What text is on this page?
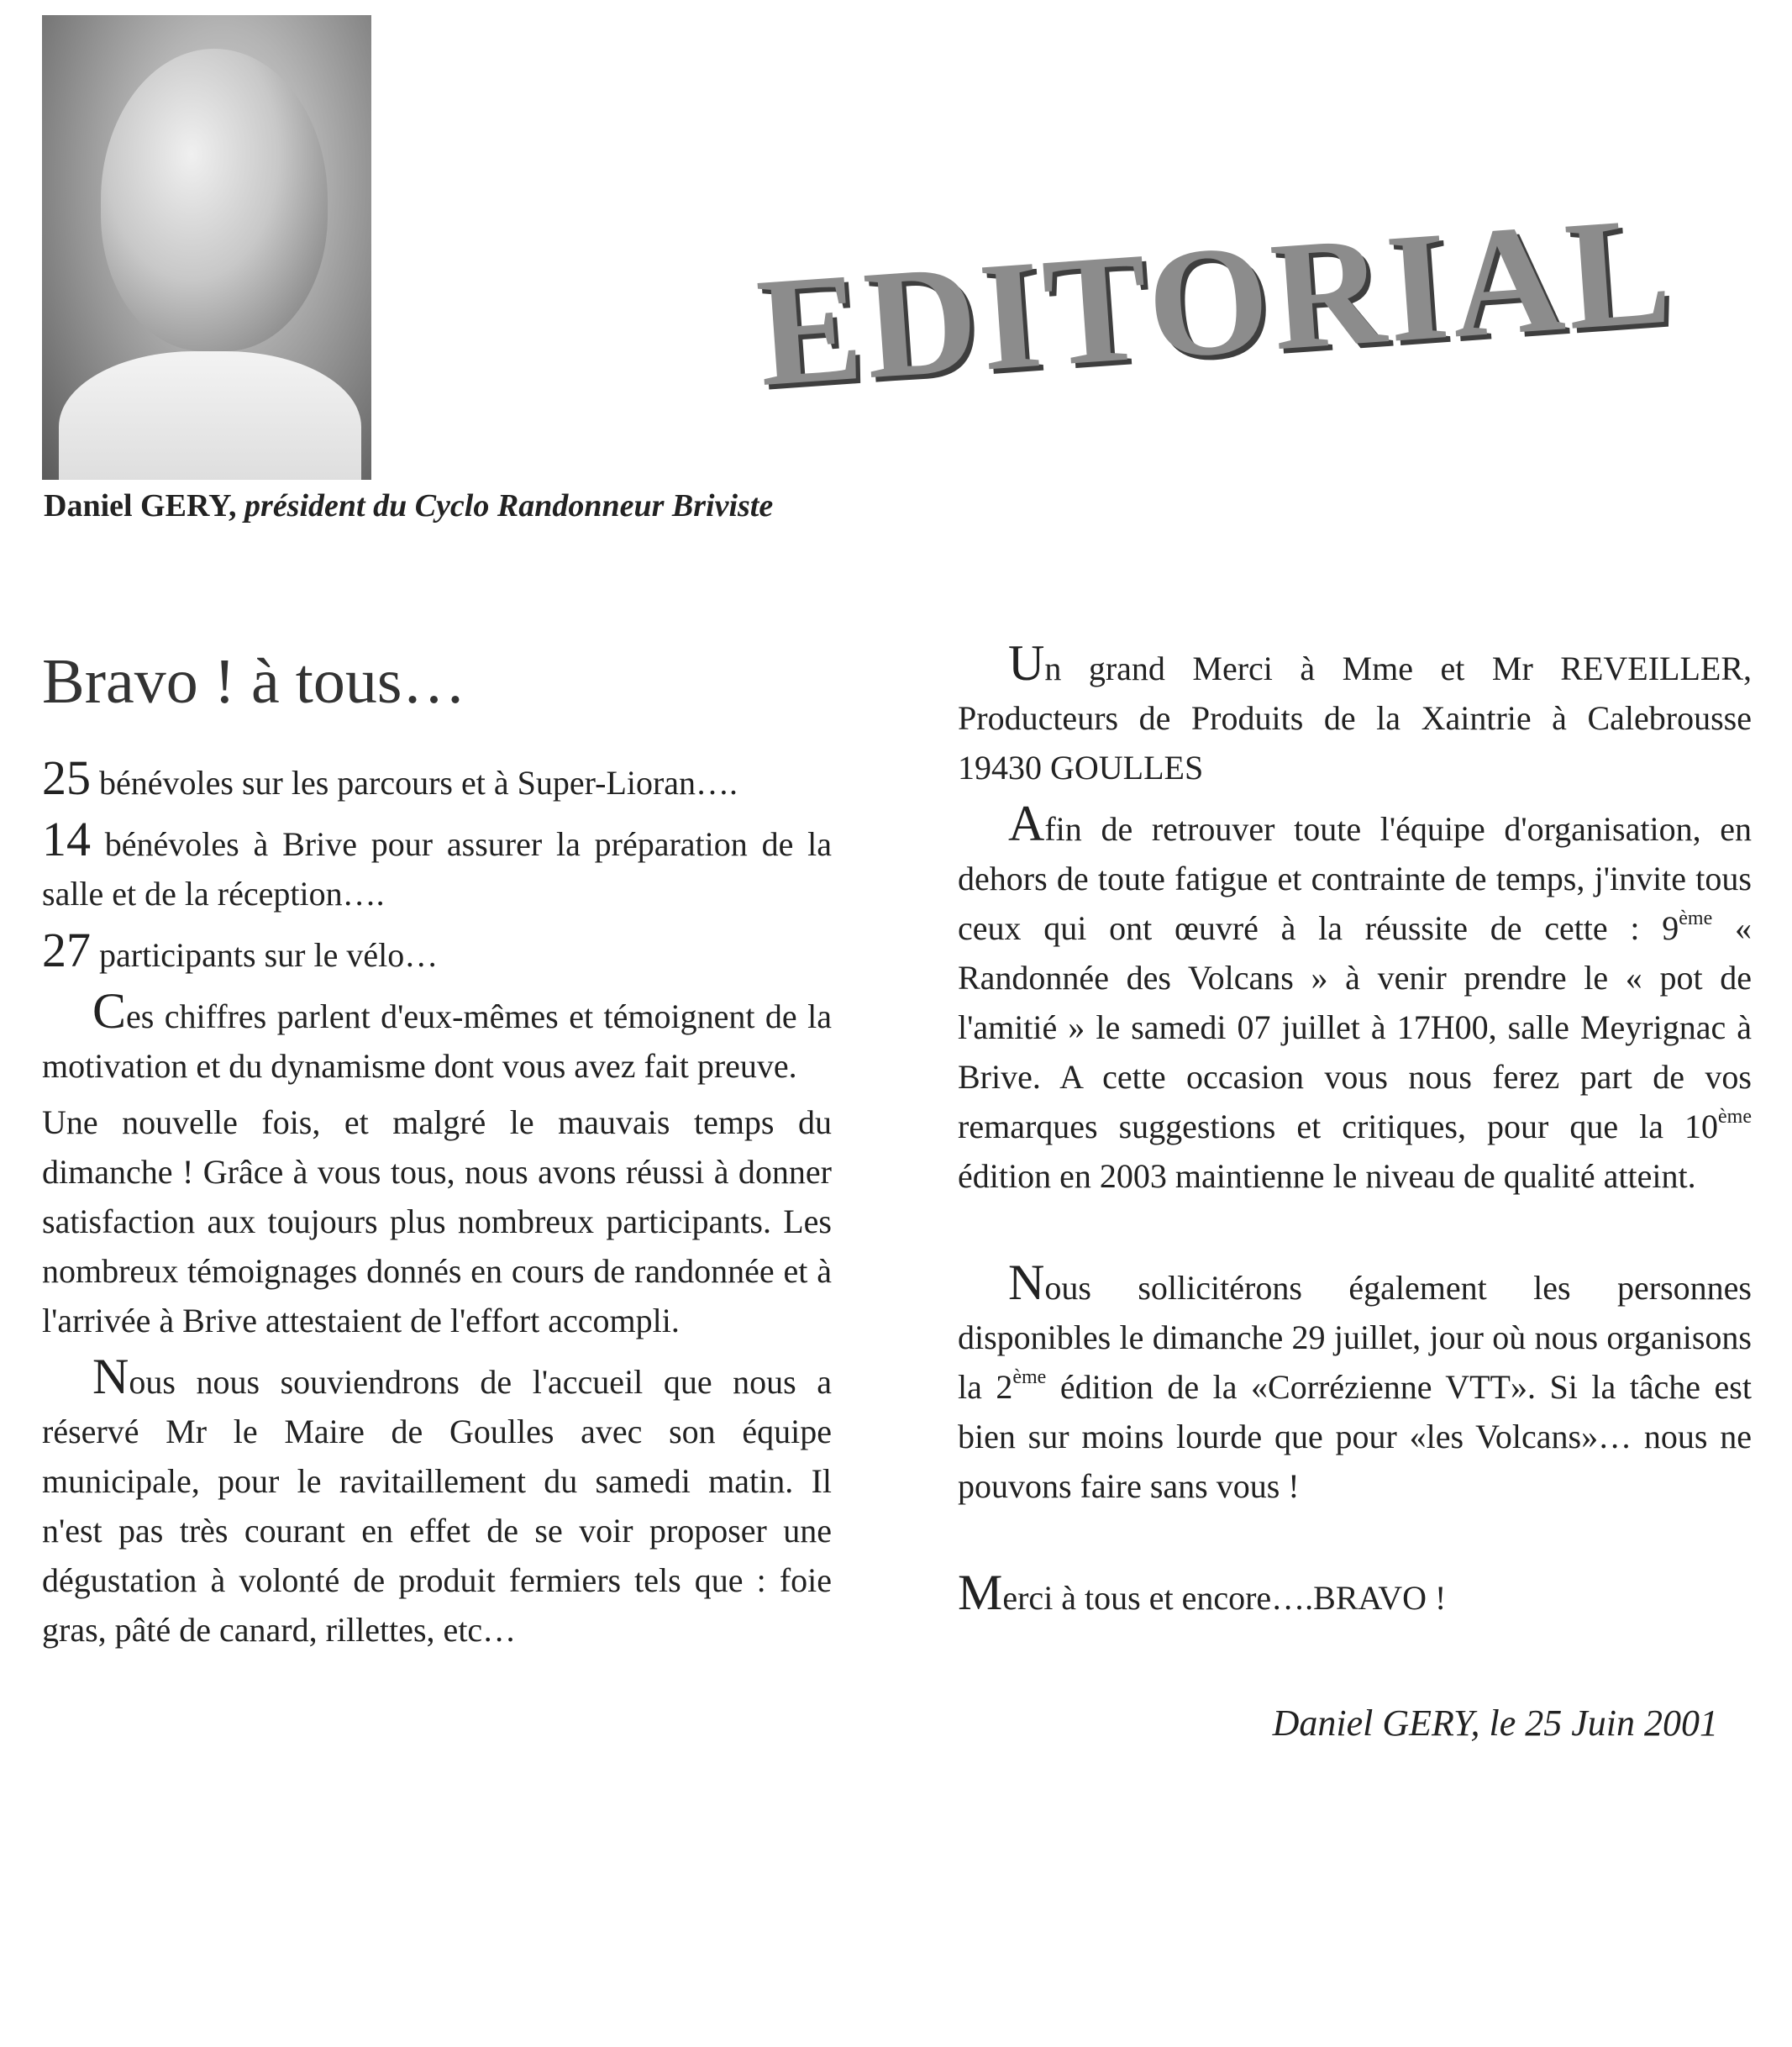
Daniel GERY, président du Cyclo Randonneur Briviste
EDITORIAL
Bravo ! à tous…

25 bénévoles sur les parcours et à Super-Lioran….

14 bénévoles à Brive pour assurer la préparation de la salle et de la réception….

27 participants sur le vélo…

Ces chiffres parlent d'eux-mêmes et témoignent de la motivation et du dynamisme dont vous avez fait preuve.

Une nouvelle fois, et malgré le mauvais temps du dimanche ! Grâce à vous tous, nous avons réussi à donner satisfaction aux toujours plus nombreux participants. Les nombreux témoignages donnés en cours de randonnée et à l'arrivée à Brive attestaient de l'effort accompli.

Nous nous souviendrons de l'accueil que nous a réservé Mr le Maire de Goulles avec son équipe municipale, pour le ravitaillement du samedi matin. Il n'est pas très courant en effet de se voir proposer une dégustation à volonté de produit fermiers tels que : foie gras, pâté de canard, rillettes, etc…

Un grand Merci à Mme et Mr REVEILLER, Producteurs de Produits de la Xaintrie à Calebrousse 19430 GOULLES

Afin de retrouver toute l'équipe d'organisation, en dehors de toute fatigue et contrainte de temps, j'invite tous ceux qui ont œuvré à la réussite de cette : 9ème « Randonnée des Volcans » à venir prendre le « pot de l'amitié » le samedi 07 juillet à 17H00, salle Meyrignac à Brive. A cette occasion vous nous ferez part de vos remarques suggestions et critiques, pour que la 10ème édition en 2003 maintienne le niveau de qualité atteint.

Nous sollicitérons également les personnes disponibles le dimanche 29 juillet, jour où nous organisons la 2ème édition de la «Corrézienne VTT». Si la tâche est bien sur moins lourde que pour «les Volcans»… nous ne pouvons faire sans vous !

Merci à tous et encore….BRAVO !

Daniel GERY, le 25 Juin 2001
